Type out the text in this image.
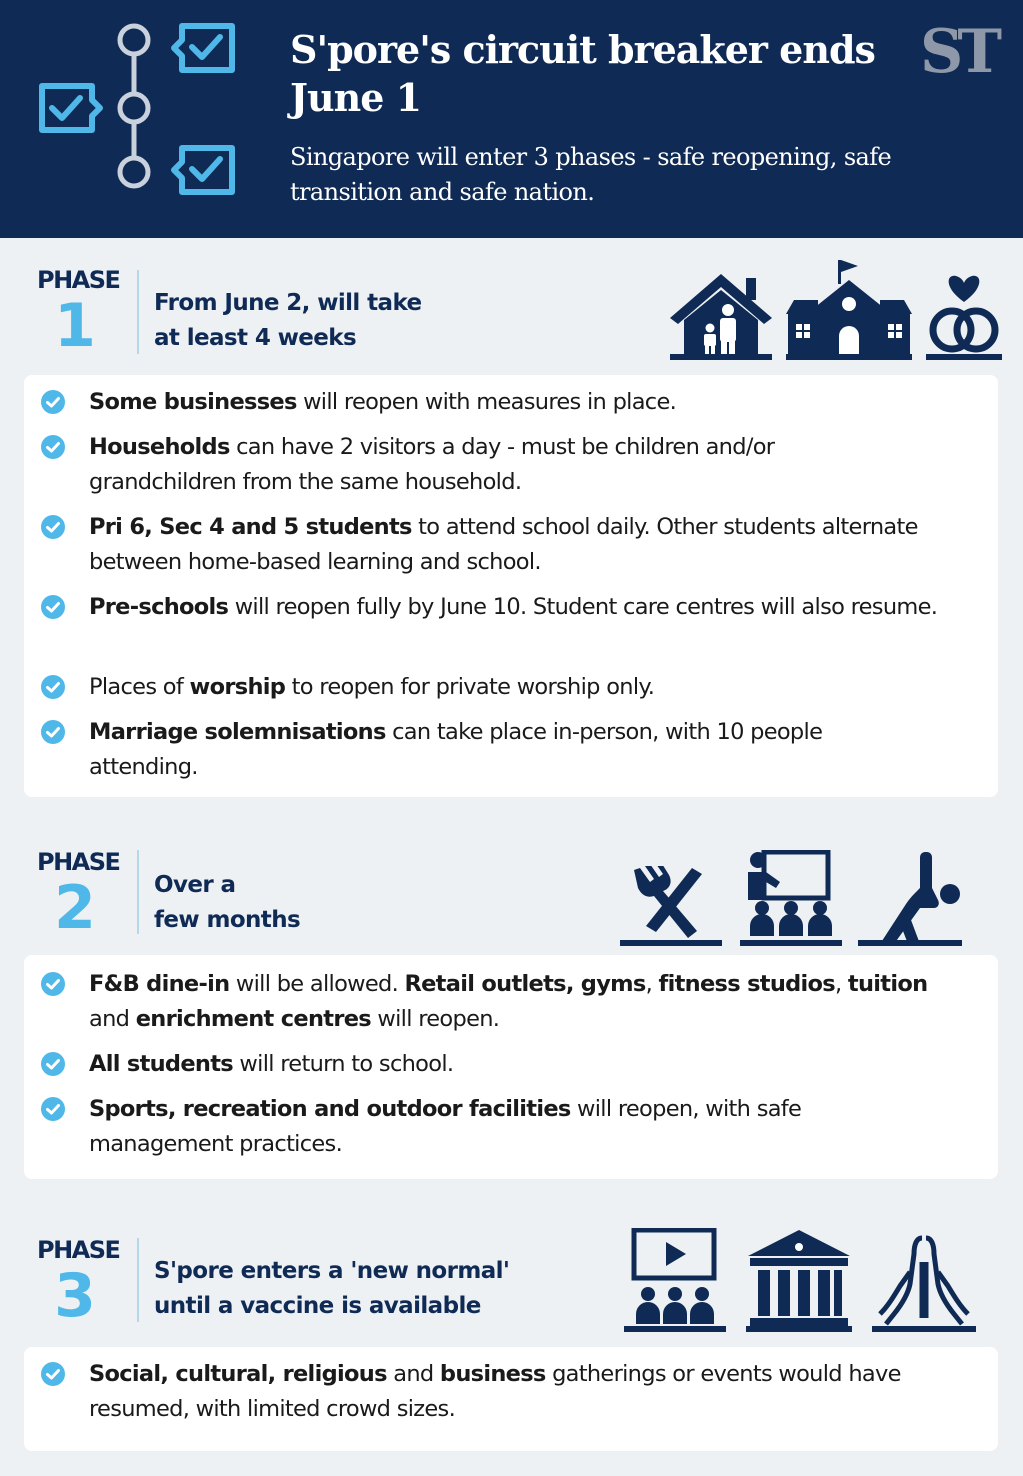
S'pore's circuit breaker ends June 1
Singapore will enter 3 phases - safe reopening, safe transition and safe nation.
ST
PHASE
1	From June 2, will take
at least 4 weeks
Some businesses will reopen with measures in place.
Households can have 2 visitors a day - must be children and/or grandchildren from the same household.
Pri 6, Sec 4 and 5 students to attend school daily. Other students alternate between home-based learning and school.
Pre-schools will reopen fully by June 10. Student care centres will also resume.
Places of worship to reopen for private worship only.
Marriage solemnisations can take place in-person, with 10 people attending.
PHASE
2	Over a
few months
F&B dine-in will be allowed. Retail outlets, gyms, fitness studios, tuition and enrichment centres will reopen.
All students will return to school.
Sports, recreation and outdoor facilities will reopen, with safe management practices.
PHASE
3	S'pore enters a 'new normal'
until a vaccine is available
Social, cultural, religious and business gatherings or events would have resumed, with limited crowd sizes.
